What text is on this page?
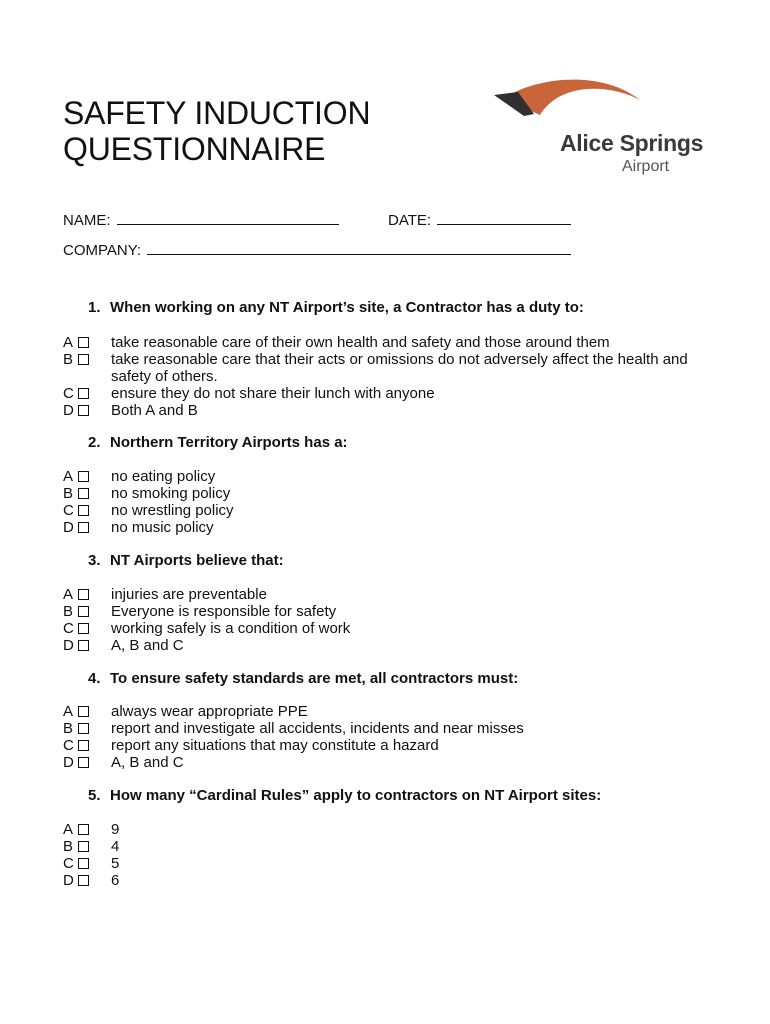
SAFETY INDUCTION
QUESTIONNAIRE	Alice Springs
Airport
NAME:	DATE:
COMPANY:
1. When working on any NT Airport’s site, a Contractor has a duty to:
A	take reasonable care of their own health and safety and those around them
B	take reasonable care that their acts or omissions do not adversely affect the health and safety of others.
C ensure they do not share their lunch with anyone
D Both A and B
2. Northern Territory Airports has a:
A	no eating policy
B	no smoking policy
C no wrestling policy
D no music policy
3. NT Airports believe that:
A	injuries are preventable
B	Everyone is responsible for safety
C working safely is a condition of work
D A, B and C
4. To ensure safety standards are met, all contractors must:
A	always wear appropriate PPE
B	report and investigate all accidents, incidents and near misses
C report any situations that may constitute a hazard
D A, B and C
5. How many “Cardinal Rules” apply to contractors on NT Airport sites:
A	9
B	4
C 5
D 6
